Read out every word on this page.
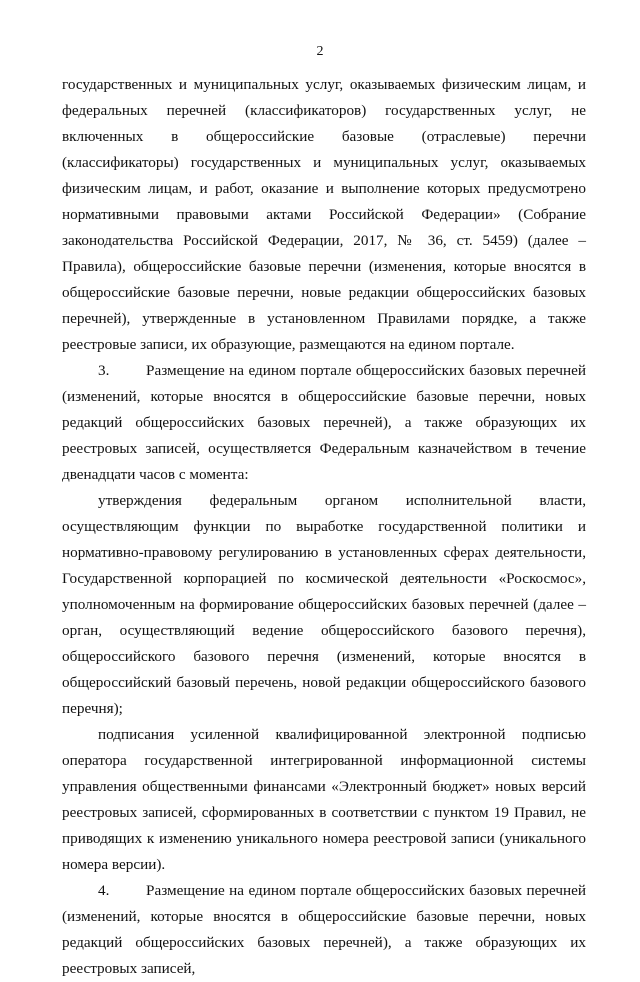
2

государственных и муниципальных услуг, оказываемых физическим лицам, и федеральных перечней (классификаторов) государственных услуг, не включенных в общероссийские базовые (отраслевые) перечни (классификаторы) государственных и муниципальных услуг, оказываемых физическим лицам, и работ, оказание и выполнение которых предусмотрено нормативными правовыми актами Российской Федерации» (Собрание законодательства Российской Федерации, 2017, № 36, ст. 5459) (далее – Правила), общероссийские базовые перечни (изменения, которые вносятся в общероссийские базовые перечни, новые редакции общероссийских базовых перечней), утвержденные в установленном Правилами порядке, а также реестровые записи, их образующие, размещаются на едином портале.

3. Размещение на едином портале общероссийских базовых перечней (изменений, которые вносятся в общероссийские базовые перечни, новых редакций общероссийских базовых перечней), а также образующих их реестровых записей, осуществляется Федеральным казначейством в течение двенадцати часов с момента:

утверждения федеральным органом исполнительной власти, осуществляющим функции по выработке государственной политики и нормативно-правовому регулированию в установленных сферах деятельности, Государственной корпорацией по космической деятельности «Роскосмос», уполномоченным на формирование общероссийских базовых перечней (далее – орган, осуществляющий ведение общероссийского базового перечня), общероссийского базового перечня (изменений, которые вносятся в общероссийский базовый перечень, новой редакции общероссийского базового перечня);

подписания усиленной квалифицированной электронной подписью оператора государственной интегрированной информационной системы управления общественными финансами «Электронный бюджет» новых версий реестровых записей, сформированных в соответствии с пунктом 19 Правил, не приводящих к изменению уникального номера реестровой записи (уникального номера версии).

4. Размещение на едином портале общероссийских базовых перечней (изменений, которые вносятся в общероссийские базовые перечни, новых редакций общероссийских базовых перечней), а также образующих их реестровых записей,
